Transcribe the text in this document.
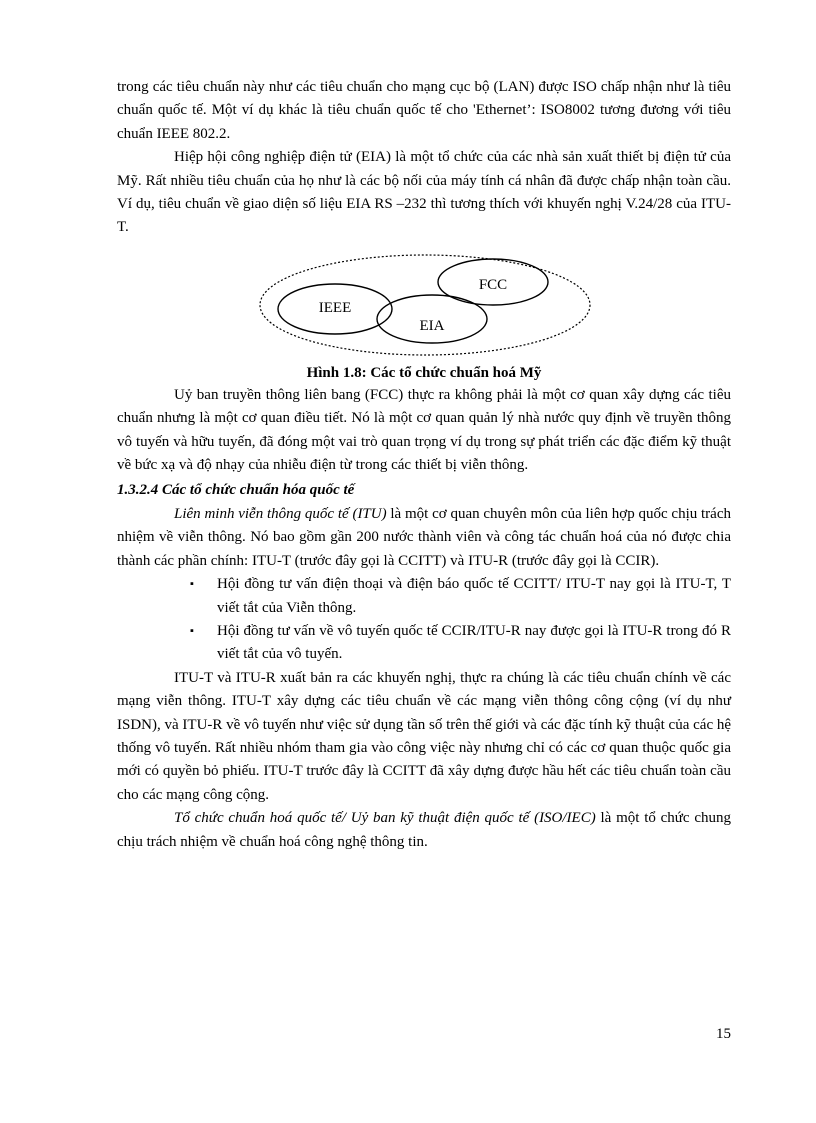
trong các tiêu chuẩn này như các tiêu chuẩn cho mạng cục bộ (LAN) được ISO chấp nhận như là tiêu chuẩn quốc tế. Một ví dụ khác là tiêu chuẩn quốc tế cho 'Ethernet’: ISO8002 tương đương với tiêu chuẩn IEEE 802.2.

Hiệp hội công nghiệp điện tử (EIA) là một tổ chức của các nhà sản xuất thiết bị điện tử của Mỹ. Rất nhiều tiêu chuẩn của họ như là các bộ nối của máy tính cá nhân đã được chấp nhận toàn cầu. Ví dụ, tiêu chuẩn về giao diện số liệu EIA RS –232 thì tương thích với khuyến nghị V.24/28 của ITU-T.

FCC
IEEE
EIA
Hình 1.8: Các tổ chức chuẩn hoá Mỹ

Uỷ ban truyền thông liên bang (FCC) thực ra không phải là một cơ quan xây dựng các tiêu chuẩn nhưng là một cơ quan điều tiết. Nó là một cơ quan quản lý nhà nước quy định về truyền thông vô tuyến và hữu tuyến, đã đóng một vai trò quan trọng ví dụ trong sự phát triển các đặc điểm kỹ thuật về bức xạ và độ nhạy của nhiễu điện từ trong các thiết bị viễn thông.

1.3.2.4 Các tổ chức chuẩn hóa quốc tế

Liên minh viễn thông quốc tế (ITU) là một cơ quan chuyên môn của liên hợp quốc chịu trách nhiệm về viễn thông. Nó bao gồm gần 200 nước thành viên và công tác chuẩn hoá của nó được chia thành các phần chính: ITU-T (trước đây gọi là CCITT) và ITU-R (trước đây gọi là CCIR).

▪ Hội đồng tư vấn điện thoại và điện báo quốc tế CCITT/ ITU-T nay gọi là ITU-T, T viết tắt của Viễn thông.
▪ Hội đồng tư vấn về vô tuyến quốc tế CCIR/ITU-R nay được gọi là ITU-R trong đó R viết tắt của vô tuyến.

ITU-T và ITU-R xuất bản ra các khuyến nghị, thực ra chúng là các tiêu chuẩn chính về các mạng viễn thông. ITU-T xây dựng các tiêu chuẩn về các mạng viễn thông công cộng (ví dụ như ISDN), và ITU-R về vô tuyến như việc sử dụng tần số trên thế giới và các đặc tính kỹ thuật của các hệ thống vô tuyến. Rất nhiều nhóm tham gia vào công việc này nhưng chỉ có các cơ quan thuộc quốc gia mới có quyền bỏ phiếu. ITU-T trước đây là CCITT đã xây dựng được hầu hết các tiêu chuẩn toàn cầu cho các mạng công cộng.

Tổ chức chuẩn hoá quốc tế/ Uỷ ban kỹ thuật điện quốc tế (ISO/IEC) là một tổ chức chung chịu trách nhiệm về chuẩn hoá công nghệ thông tin.

15
